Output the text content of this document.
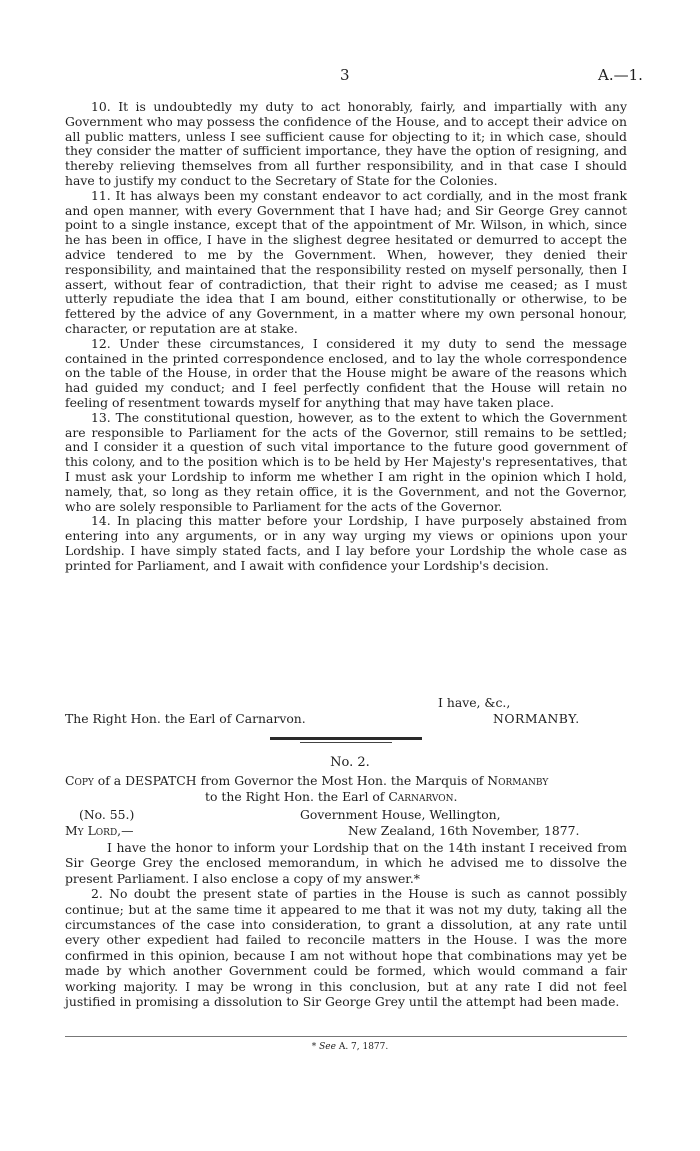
3	A.—1.

10. It is undoubtedly my duty to act honorably, fairly, and impartially with any Government who may possess the confidence of the House, and to accept their advice on all public matters, unless I see sufficient cause for objecting to it; in which case, should they consider the matter of sufficient importance, they have the option of resigning, and thereby relieving themselves from all further responsibility, and in that case I should have to justify my conduct to the Secretary of State for the Colonies.

11. It has always been my constant endeavor to act cordially, and in the most frank and open manner, with every Government that I have had; and Sir George Grey cannot point to a single instance, except that of the appointment of Mr. Wilson, in which, since he has been in office, I have in the slighest degree hesitated or demurred to accept the advice tendered to me by the Government. When, however, they denied their responsibility, and maintained that the responsibility rested on myself personally, then I assert, without fear of contradiction, that their right to advise me ceased; as I must utterly repudiate the idea that I am bound, either constitutionally or otherwise, to be fettered by the advice of any Government, in a matter where my own personal honour, character, or reputation are at stake.

12. Under these circumstances, I considered it my duty to send the message contained in the printed correspondence enclosed, and to lay the whole correspondence on the table of the House, in order that the House might be aware of the reasons which had guided my conduct; and I feel perfectly confident that the House will retain no feeling of resentment towards myself for anything that may have taken place.

13. The constitutional question, however, as to the extent to which the Government are responsible to Parliament for the acts of the Governor, still remains to be settled; and I consider it a question of such vital importance to the future good government of this colony, and to the position which is to be held by Her Majesty's representatives, that I must ask your Lordship to inform me whether I am right in the opinion which I hold, namely, that, so long as they retain office, it is the Government, and not the Governor, who are solely responsible to Parliament for the acts of the Governor.

14. In placing this matter before your Lordship, I have purposely abstained from entering into any arguments, or in any way urging my views or opinions upon your Lordship. I have simply stated facts, and I lay before your Lordship the whole case as printed for Parliament, and I await with confidence your Lordship's decision.

I have, &c.,
The Right Hon. the Earl of Carnarvon.	NORMANBY.
No. 2.
Copy of a DESPATCH from Governor the Most Hon. the Marquis of Normanby
to the Right Hon. the Earl of Carnarvon.
(No. 55.)	Government House, Wellington,
My Lord,—	New Zealand, 16th November, 1877.

I have the honor to inform your Lordship that on the 14th instant I received from Sir George Grey the enclosed memorandum, in which he advised me to dissolve the present Parliament. I also enclose a copy of my answer.*

2. No doubt the present state of parties in the House is such as cannot possibly continue; but at the same time it appeared to me that it was not my duty, taking all the circumstances of the case into consideration, to grant a dissolution, at any rate until every other expedient had failed to reconcile matters in the House. I was the more confirmed in this opinion, because I am not without hope that combinations may yet be made by which another Government could be formed, which would command a fair working majority. I may be wrong in this conclusion, but at any rate I did not feel justified in promising a dissolution to Sir George Grey until the attempt had been made.

* See A. 7, 1877.
